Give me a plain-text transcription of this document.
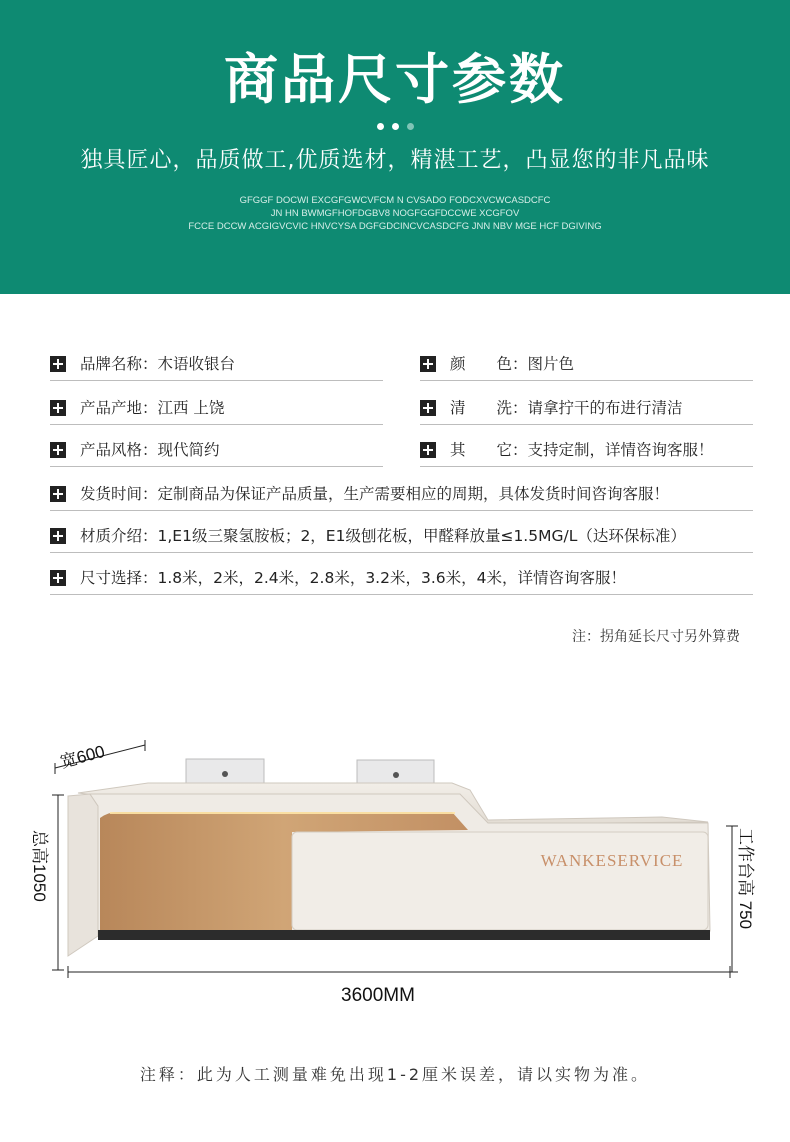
商品尺寸参数
独具匠心，品质做工,优质选材，精湛工艺，凸显您的非凡品味
GFGGF DOCWI EXCGFGWCVFCM N CVSADO FODCXVCWCASDCFC
JN HN BWMGFHOFDGBV8 NOGFGGFDCCWE XCGFOV
FCCE DCCW ACGIGVCVIC HNVCYSA DGFGDCINCVCASDCFG JNN NBV MGE HCF DGIVING
品牌名称：木语收银台	颜　　色：图片色
产品产地：江西 上饶	清　　洗：请拿拧干的布进行清洁
产品风格：现代简约	其　　它：支持定制，详情咨询客服！
发货时间：定制商品为保证产品质量，生产需要相应的周期，具体发货时间咨询客服！
材质介绍：1,E1级三聚氢胺板；2，E1级刨花板，甲醛释放量≤1.5MG/L（达环保标准）
尺寸选择：1.8米，2米，2.4米，2.8米，3.2米，3.6米，4米，详情咨询客服！
注：拐角延长尺寸另外算费
宽600
WANKESERVICE
总高1050	工作台高 750
3600MM
注释：此为人工测量难免出现1-2厘米误差，请以实物为准。
